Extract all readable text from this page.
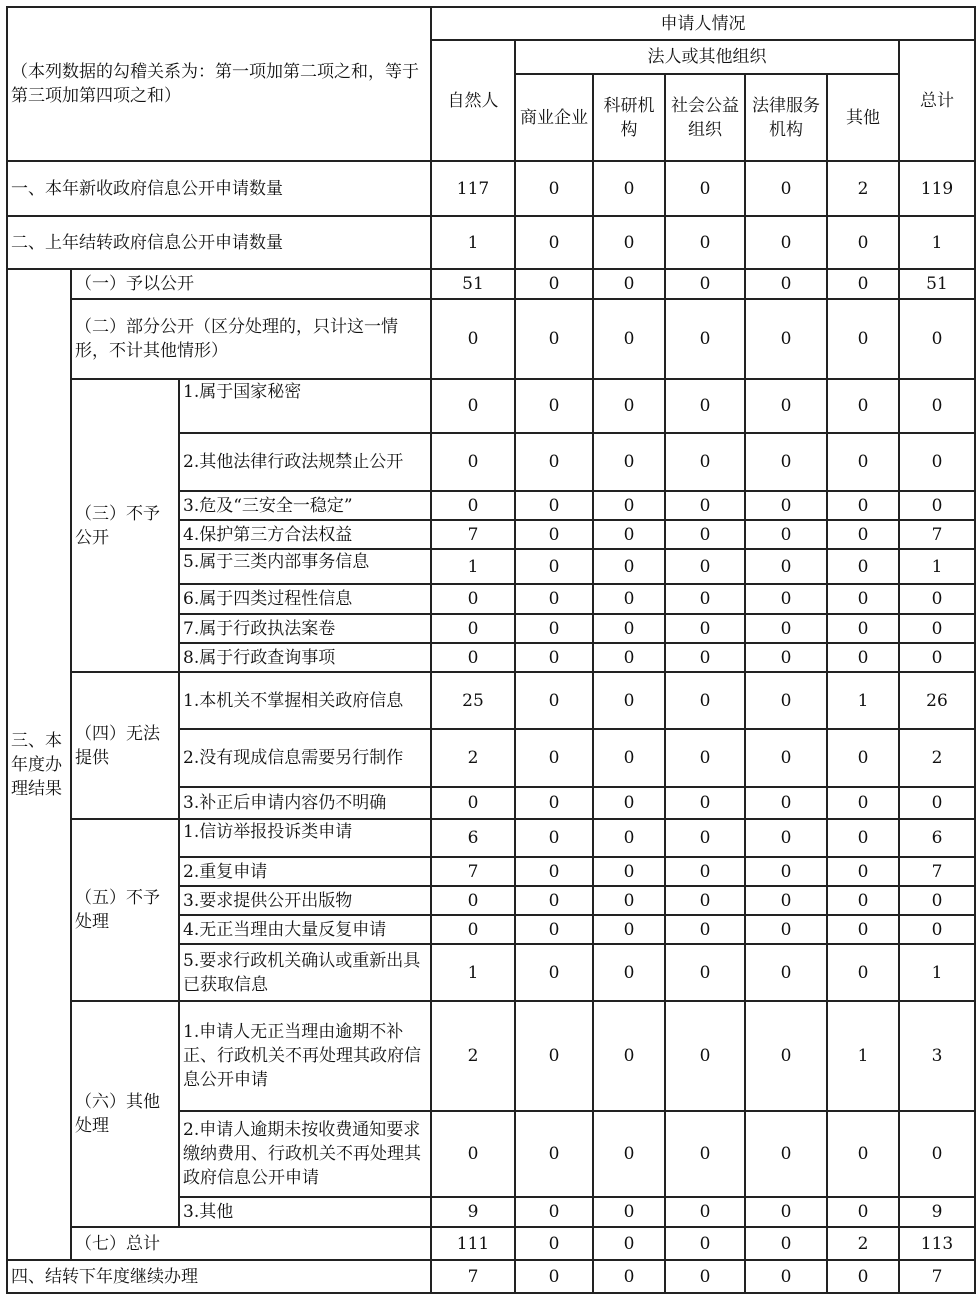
（本列数据的勾稽关系为：第一项加第二项之和，等于第三项加第四项之和）			申请人情况						
			自然人	法人或其他组织					总计
				商业企业	科研机构	社会公益组织	法律服务机构	其他	

一、本年新收政府信息公开申请数量			117	0	0	0	0	2	119
二、上年结转政府信息公开申请数量			1	0	0	0	0	0	1
三、本年度办理结果	（一）予以公开		51	0	0	0	0	0	51
	（二）部分公开（区分处理的，只计这一情形，不计其他情形）		0	0	0	0	0	0	0
	（三）不予公开	1.属于国家秘密	0	0	0	0	0	0	0
		2.其他法律行政法规禁止公开	0	0	0	0	0	0	0
		3.危及“三安全一稳定”	0	0	0	0	0	0	0
		4.保护第三方合法权益	7	0	0	0	0	0	7
		5.属于三类内部事务信息	1	0	0	0	0	0	1
		6.属于四类过程性信息	0	0	0	0	0	0	0
		7.属于行政执法案卷	0	0	0	0	0	0	0
		8.属于行政查询事项	0	0	0	0	0	0	0
	（四）无法提供	1.本机关不掌握相关政府信息	25	0	0	0	0	1	26
		2.没有现成信息需要另行制作	2	0	0	0	0	0	2
		3.补正后申请内容仍不明确	0	0	0	0	0	0	0
	（五）不予处理	1.信访举报投诉类申请	6	0	0	0	0	0	6
		2.重复申请	7	0	0	0	0	0	7
		3.要求提供公开出版物	0	0	0	0	0	0	0
		4.无正当理由大量反复申请	0	0	0	0	0	0	0
		5.要求行政机关确认或重新出具已获取信息	1	0	0	0	0	0	1
	（六）其他处理	1.申请人无正当理由逾期不补正、行政机关不再处理其政府信息公开申请	2	0	0	0	0	1	3
		2.申请人逾期未按收费通知要求缴纳费用、行政机关不再处理其政府信息公开申请	0	0	0	0	0	0	0
		3.其他	9	0	0	0	0	0	9
	（七）总计		111	0	0	0	0	2	113
四、结转下年度继续办理			7	0	0	0	0	0	7
